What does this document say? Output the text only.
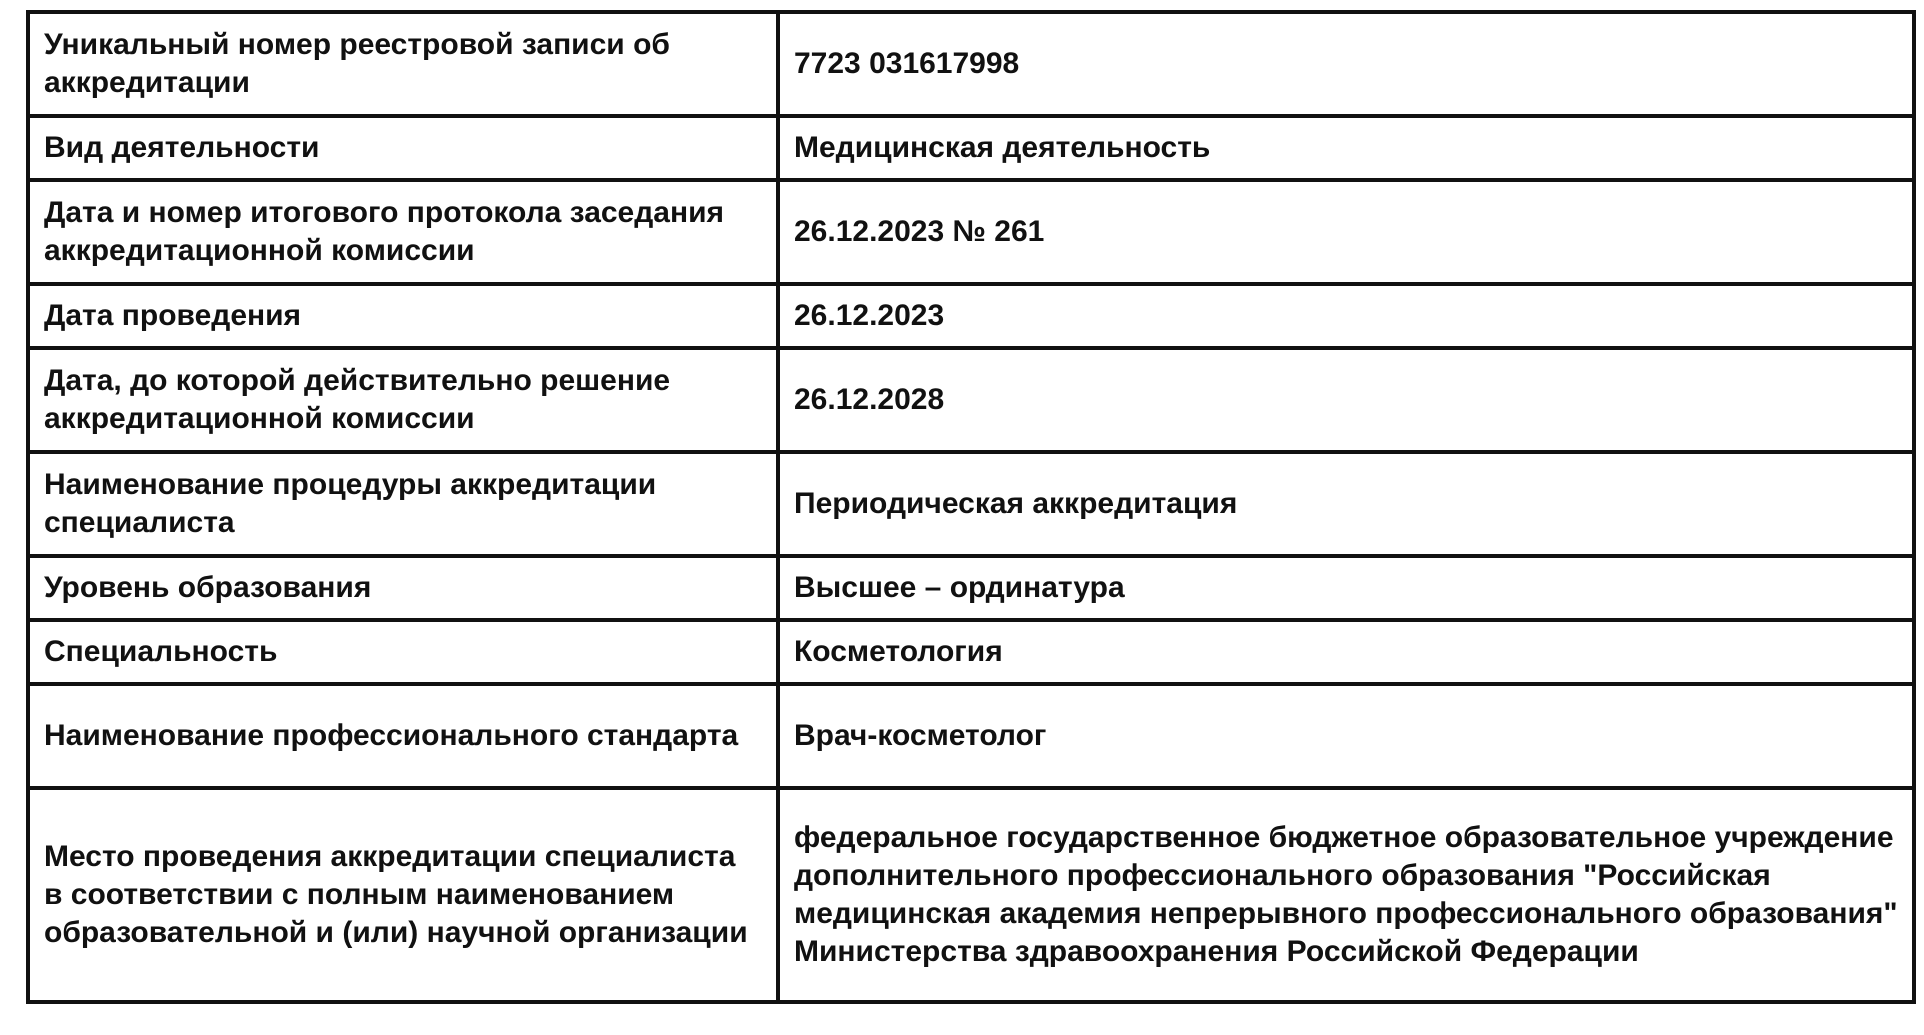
Уникальный номер реестровой записи об аккредитации	7723 031617998
Вид деятельности	Медицинская деятельность
Дата и номер итогового протокола заседания аккредитационной комиссии	26.12.2023 № 261
Дата проведения	26.12.2023
Дата, до которой действительно решение аккредитационной комиссии	26.12.2028
Наименование процедуры аккредитации специалиста	Периодическая аккредитация
Уровень образования	Высшее – ординатура
Специальность	Косметология
Наименование профессионального стандарта	Врач-косметолог
Место проведения аккредитации специалиста в соответствии с полным наименованием образовательной и (или) научной организации	федеральное государственное бюджетное образовательное учреждение дополнительного профессионального образования "Российская медицинская академия непрерывного профессионального образования" Министерства здравоохранения Российской Федерации
